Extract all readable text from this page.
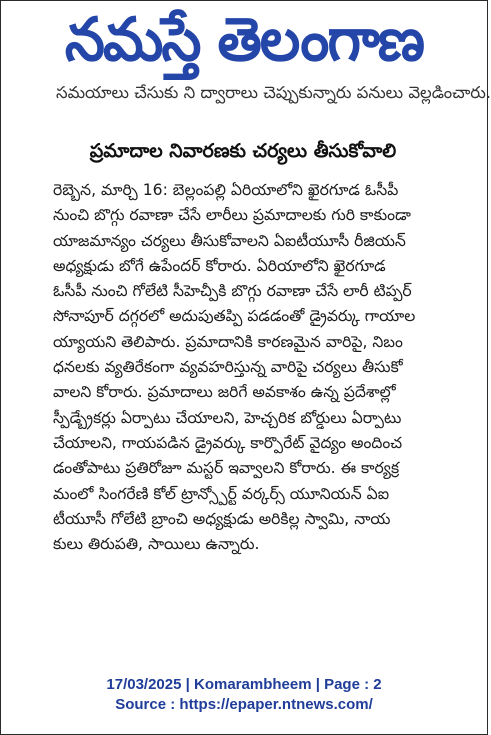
నమస్తే తెలంగాణ
సమయాలు చేసుకు ని ద్వారాలు చెప్పుకున్నారు పనులు వెల్లడించారు.
ప్రమాదాల నివారణకు చర్యలు తీసుకోవాలి
రెబ్బెన, మార్చి 16: బెల్లంపల్లి ఏరియాలోని ఖైరగూడ ఓసీపీ
నుంచి బొగ్గు రవాణా చేసే లారీలు ప్రమాదాలకు గురి కాకుండా
యాజమాన్యం చర్యలు తీసుకోవాలని ఏఐటీయూసీ రీజియన్
అధ్యక్షుడు బోగే ఉపేందర్ కోరారు. ఏరియాలోని ఖైరగూడ
ఓసీపీ నుంచి గోలేటి సీహెచ్పీకి బొగ్గు రవాణా చేసే లారీ టిప్పర్
సోనాపూర్ దగ్గరలో అదుపుతప్పి పడడంతో డ్రైవర్కు గాయాల
య్యాయని తెలిపారు. ప్రమాదానికి కారణమైన వారిపై, నిబం
ధనలకు వ్యతిరేకంగా వ్యవహరిస్తున్న వారిపై చర్యలు తీసుకో
వాలని కోరారు. ప్రమాదాలు జరిగే అవకాశం ఉన్న ప్రదేశాల్లో
స్పీడ్బ్రేకర్లు ఏర్పాటు చేయాలని, హెచ్చరిక బోర్డులు ఏర్పాటు
చేయాలని, గాయపడిన డ్రైవర్కు కార్పొరేట్ వైద్యం అందించ
డంతోపాటు ప్రతిరోజూ మస్టర్ ఇవ్వాలని కోరారు. ఈ కార్యక్ర
మంలో సింగరేణి కోల్ ట్రాన్స్పోర్ట్ వర్కర్స్ యూనియన్ ఏఐ
టీయూసీ గోలేటి బ్రాంచి అధ్యక్షుడు అరికిల్ల స్వామి, నాయ
కులు తిరుపతి, సాయిలు ఉన్నారు.
17/03/2025 | Komarambheem | Page : 2
Source : https://epaper.ntnews.com/
